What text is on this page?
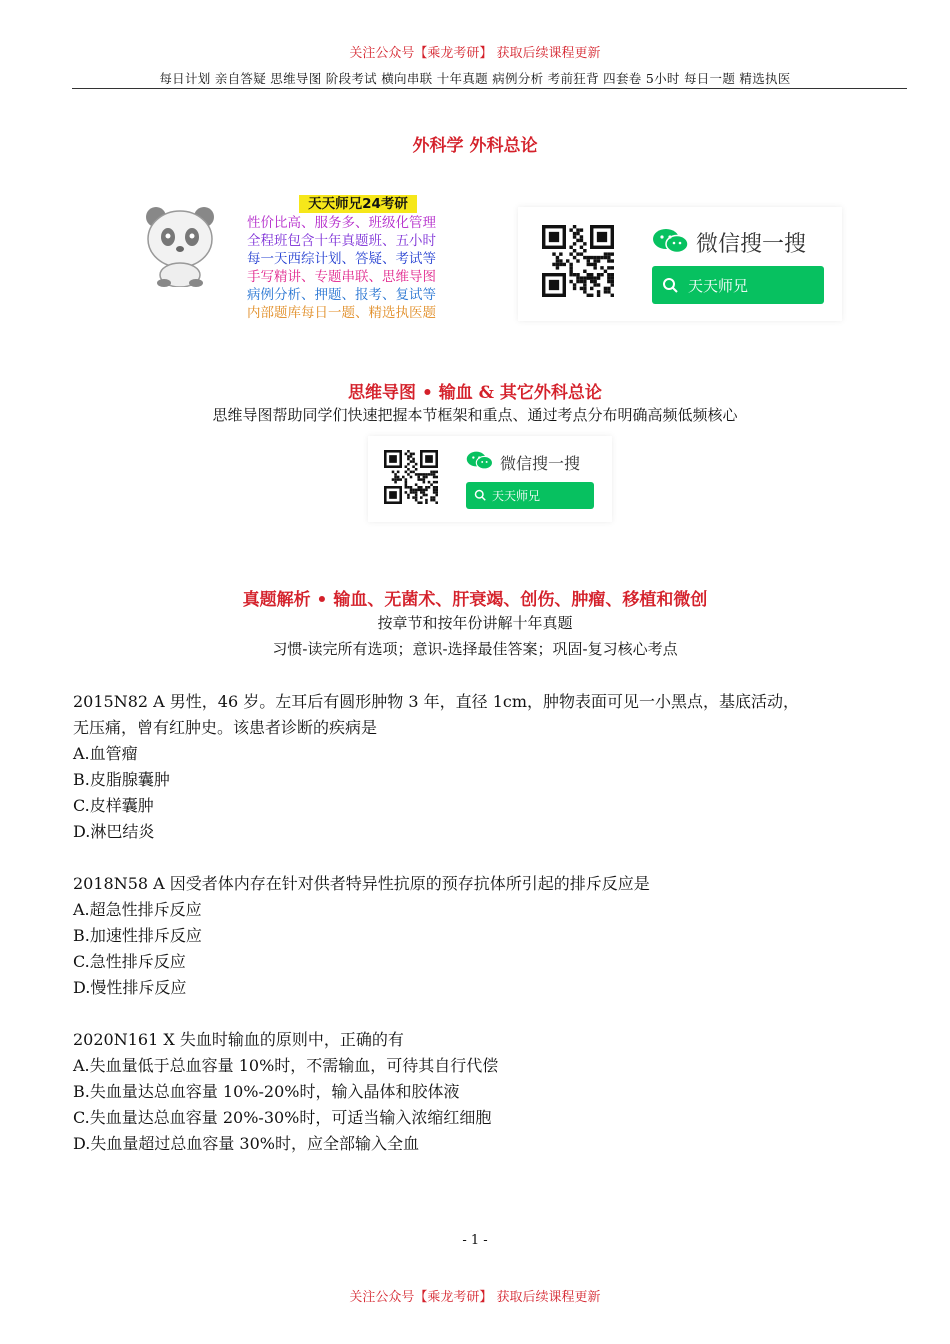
关注公众号【乘龙考研】 获取后续课程更新
每日计划 亲自答疑 思维导图 阶段考试 横向串联 十年真题 病例分析 考前狂背 四套卷 5小时 每日一题 精选执医
外科学 外科总论
天天师兄24考研
性价比高、服务多、班级化管理
全程班包含十年真题班、五小时
每一天西综计划、答疑、考试等
手写精讲、专题串联、思维导图
病例分析、押题、报考、复试等
内部题库每日一题、精选执医题
微信搜一搜
天天师兄
思维导图 • 输血 & 其它外科总论
思维导图帮助同学们快速把握本节框架和重点、通过考点分布明确高频低频核心
微信搜一搜
天天师兄
真题解析 • 输血、无菌术、肝衰竭、创伤、肿瘤、移植和微创
按章节和按年份讲解十年真题
习惯-读完所有选项；意识-选择最佳答案；巩固-复习核心考点
2015N82 A 男性，46 岁。左耳后有圆形肿物 3 年，直径 1cm，肿物表面可见一小黑点，基底活动，
无压痛，曾有红肿史。该患者诊断的疾病是
A.血管瘤
B.皮脂腺囊肿
C.皮样囊肿
D.淋巴结炎
2018N58 A 因受者体内存在针对供者特异性抗原的预存抗体所引起的排斥反应是
A.超急性排斥反应
B.加速性排斥反应
C.急性排斥反应
D.慢性排斥反应
2020N161 X 失血时输血的原则中，正确的有
A.失血量低于总血容量 10%时，不需输血，可待其自行代偿
B.失血量达总血容量 10%-20%时，输入晶体和胶体液
C.失血量达总血容量 20%-30%时，可适当输入浓缩红细胞
D.失血量超过总血容量 30%时，应全部输入全血
- 1 -
关注公众号【乘龙考研】 获取后续课程更新
